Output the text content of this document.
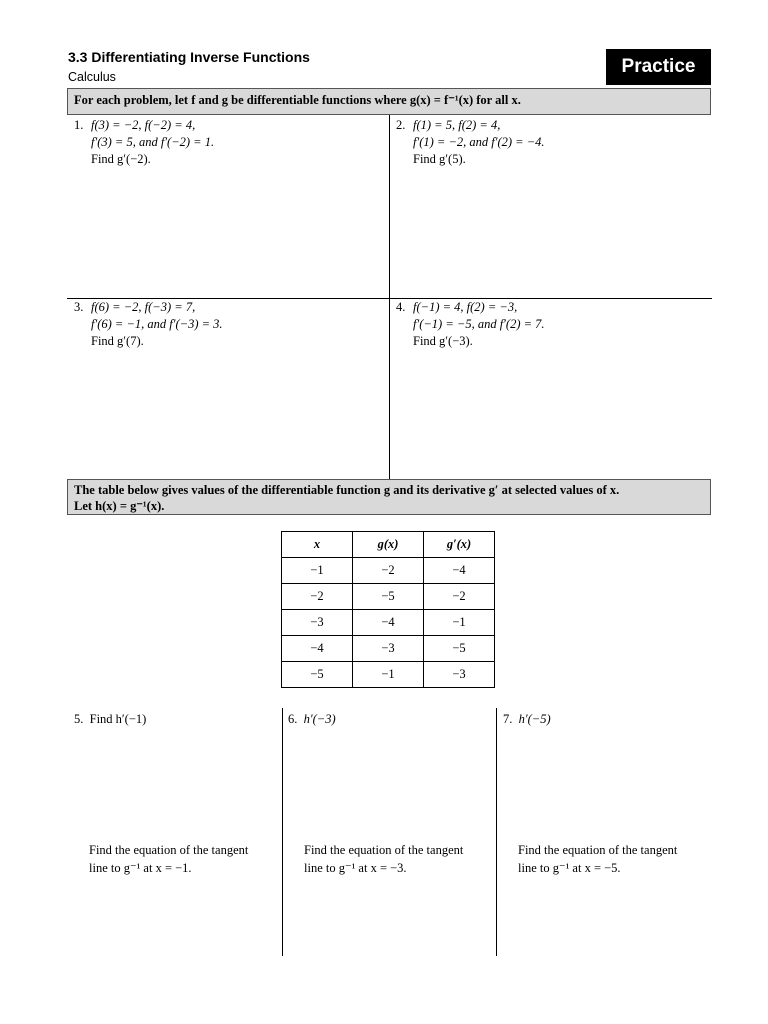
3.3 Differentiating Inverse Functions
Calculus	Practice
For each problem, let f and g be differentiable functions where g(x) = f⁻¹(x) for all x.
1. f(3) = −2, f(−2) = 4,
f′(3) = 5, and f′(−2) = 1.
Find g′(−2).
2. f(1) = 5, f(2) = 4,
f′(1) = −2, and f′(2) = −4.
Find g′(5).
3. f(6) = −2, f(−3) = 7,
f′(6) = −1, and f′(−3) = 3.
Find g′(7).
4. f(−1) = 4, f(2) = −3,
f′(−1) = −5, and f′(2) = 7.
Find g′(−3).
The table below gives values of the differentiable function g and its derivative g′ at selected values of x.
Let h(x) = g⁻¹(x).
x	g(x)	g′(x)
−1	−2	−4
−2	−5	−2
−3	−4	−1
−4	−3	−5
−5	−1	−3
5. Find h′(−1)	6. h′(−3)	7. h′(−5)
Find the equation of the tangent
line to g⁻¹ at x = −1.
Find the equation of the tangent
line to g⁻¹ at x = −3.
Find the equation of the tangent
line to g⁻¹ at x = −5.
